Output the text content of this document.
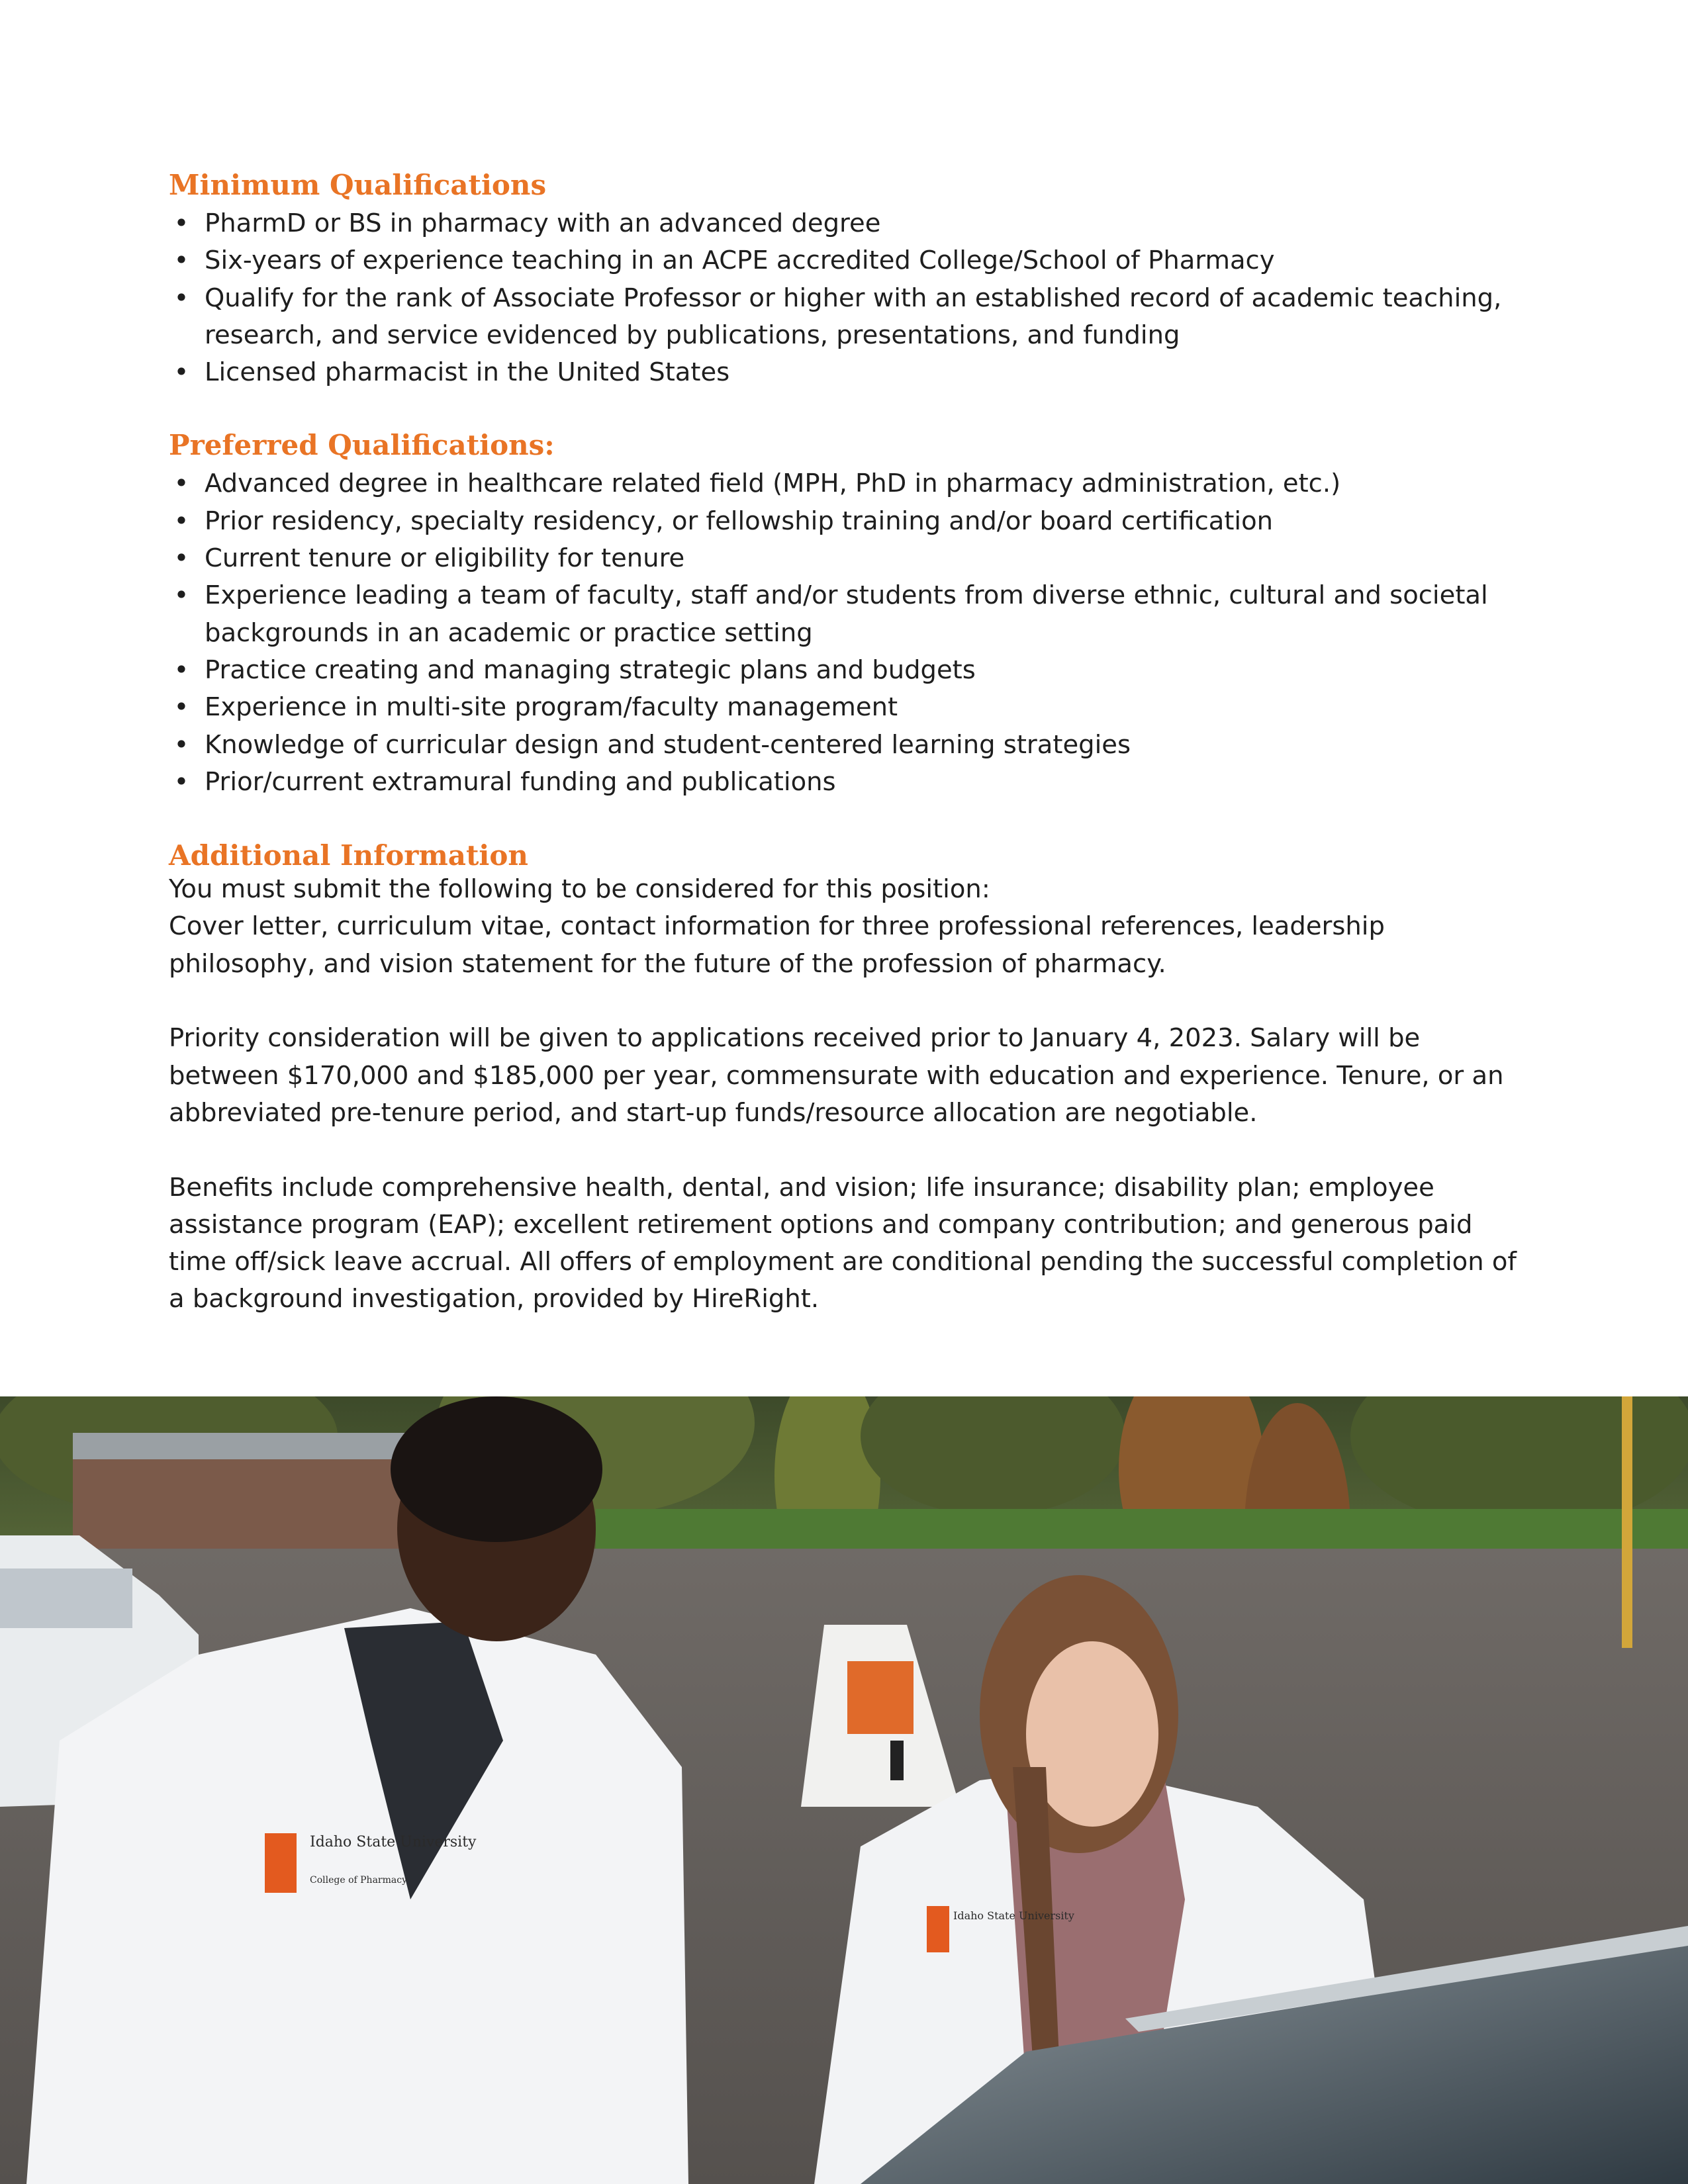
Minimum Qualifications
• PharmD or BS in pharmacy with an advanced degree
• Six-years of experience teaching in an ACPE accredited College/School of Pharmacy
• Qualify for the rank of Associate Professor or higher with an established record of academic teaching, research, and service evidenced by publications, presentations, and funding
• Licensed pharmacist in the United States
Preferred Qualifications:
• Advanced degree in healthcare related field (MPH, PhD in pharmacy administration, etc.)
• Prior residency, specialty residency, or fellowship training and/or board certification
• Current tenure or eligibility for tenure
• Experience leading a team of faculty, staff and/or students from diverse ethnic, cultural and societal backgrounds in an academic or practice setting
• Practice creating and managing strategic plans and budgets
• Experience in multi-site program/faculty management
• Knowledge of curricular design and student-centered learning strategies
• Prior/current extramural funding and publications
Additional Information

You must submit the following to be considered for this position:

Cover letter, curriculum vitae, contact information for three professional references, leadership philosophy, and vision statement for the future of the profession of pharmacy.

Priority consideration will be given to applications received prior to January 4, 2023. Salary will be between $170,000 and $185,000 per year, commensurate with education and experience. Tenure, or an abbreviated pre-tenure period, and start-up funds/resource allocation are negotiable.

Benefits include comprehensive health, dental, and vision; life insurance; disability plan; employee assistance program (EAP); excellent retirement options and company contribution; and generous paid time off/sick leave accrual. All offers of employment are conditional pending the successful completion of a background investigation, provided by HireRight.

Idaho State University
College of Pharmacy
Idaho State University
